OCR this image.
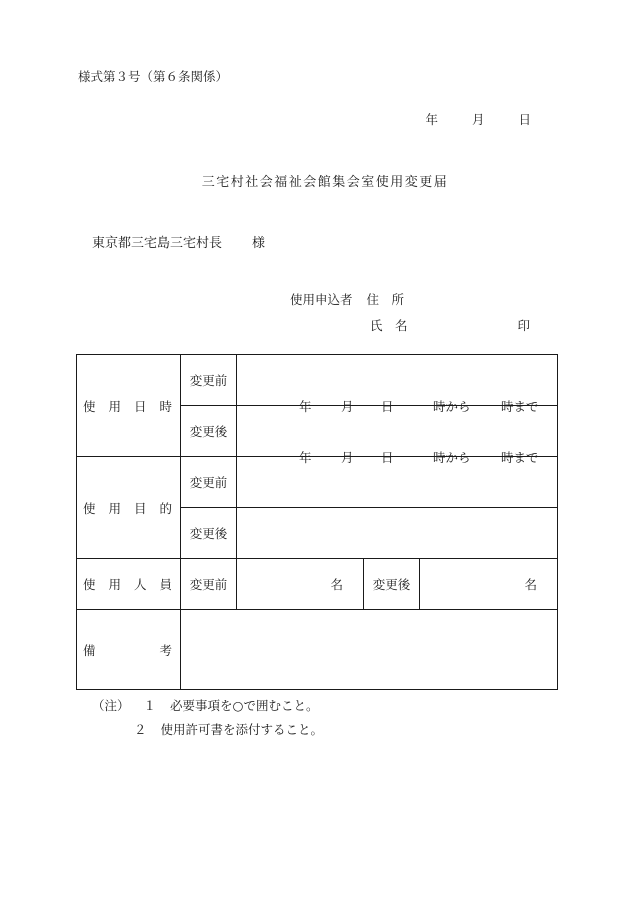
様式第３号（第６条関係）
年	月	日
三宅村社会福祉会館集会室使用変更届
東京都三宅島三宅村長 様
使用申込者 住　所
氏　名	印
使 用 日 時	変更前	年 月 日 時から 時まで		

	変更後	年 月 日 時から 時まで		

使 用 目 的	変更前			
	変更後			

使 用 人 員	変更前	名	変更後	名

備 考				

（注） １ 必要事項を○で囲むこと。
２ 使用許可書を添付すること。
